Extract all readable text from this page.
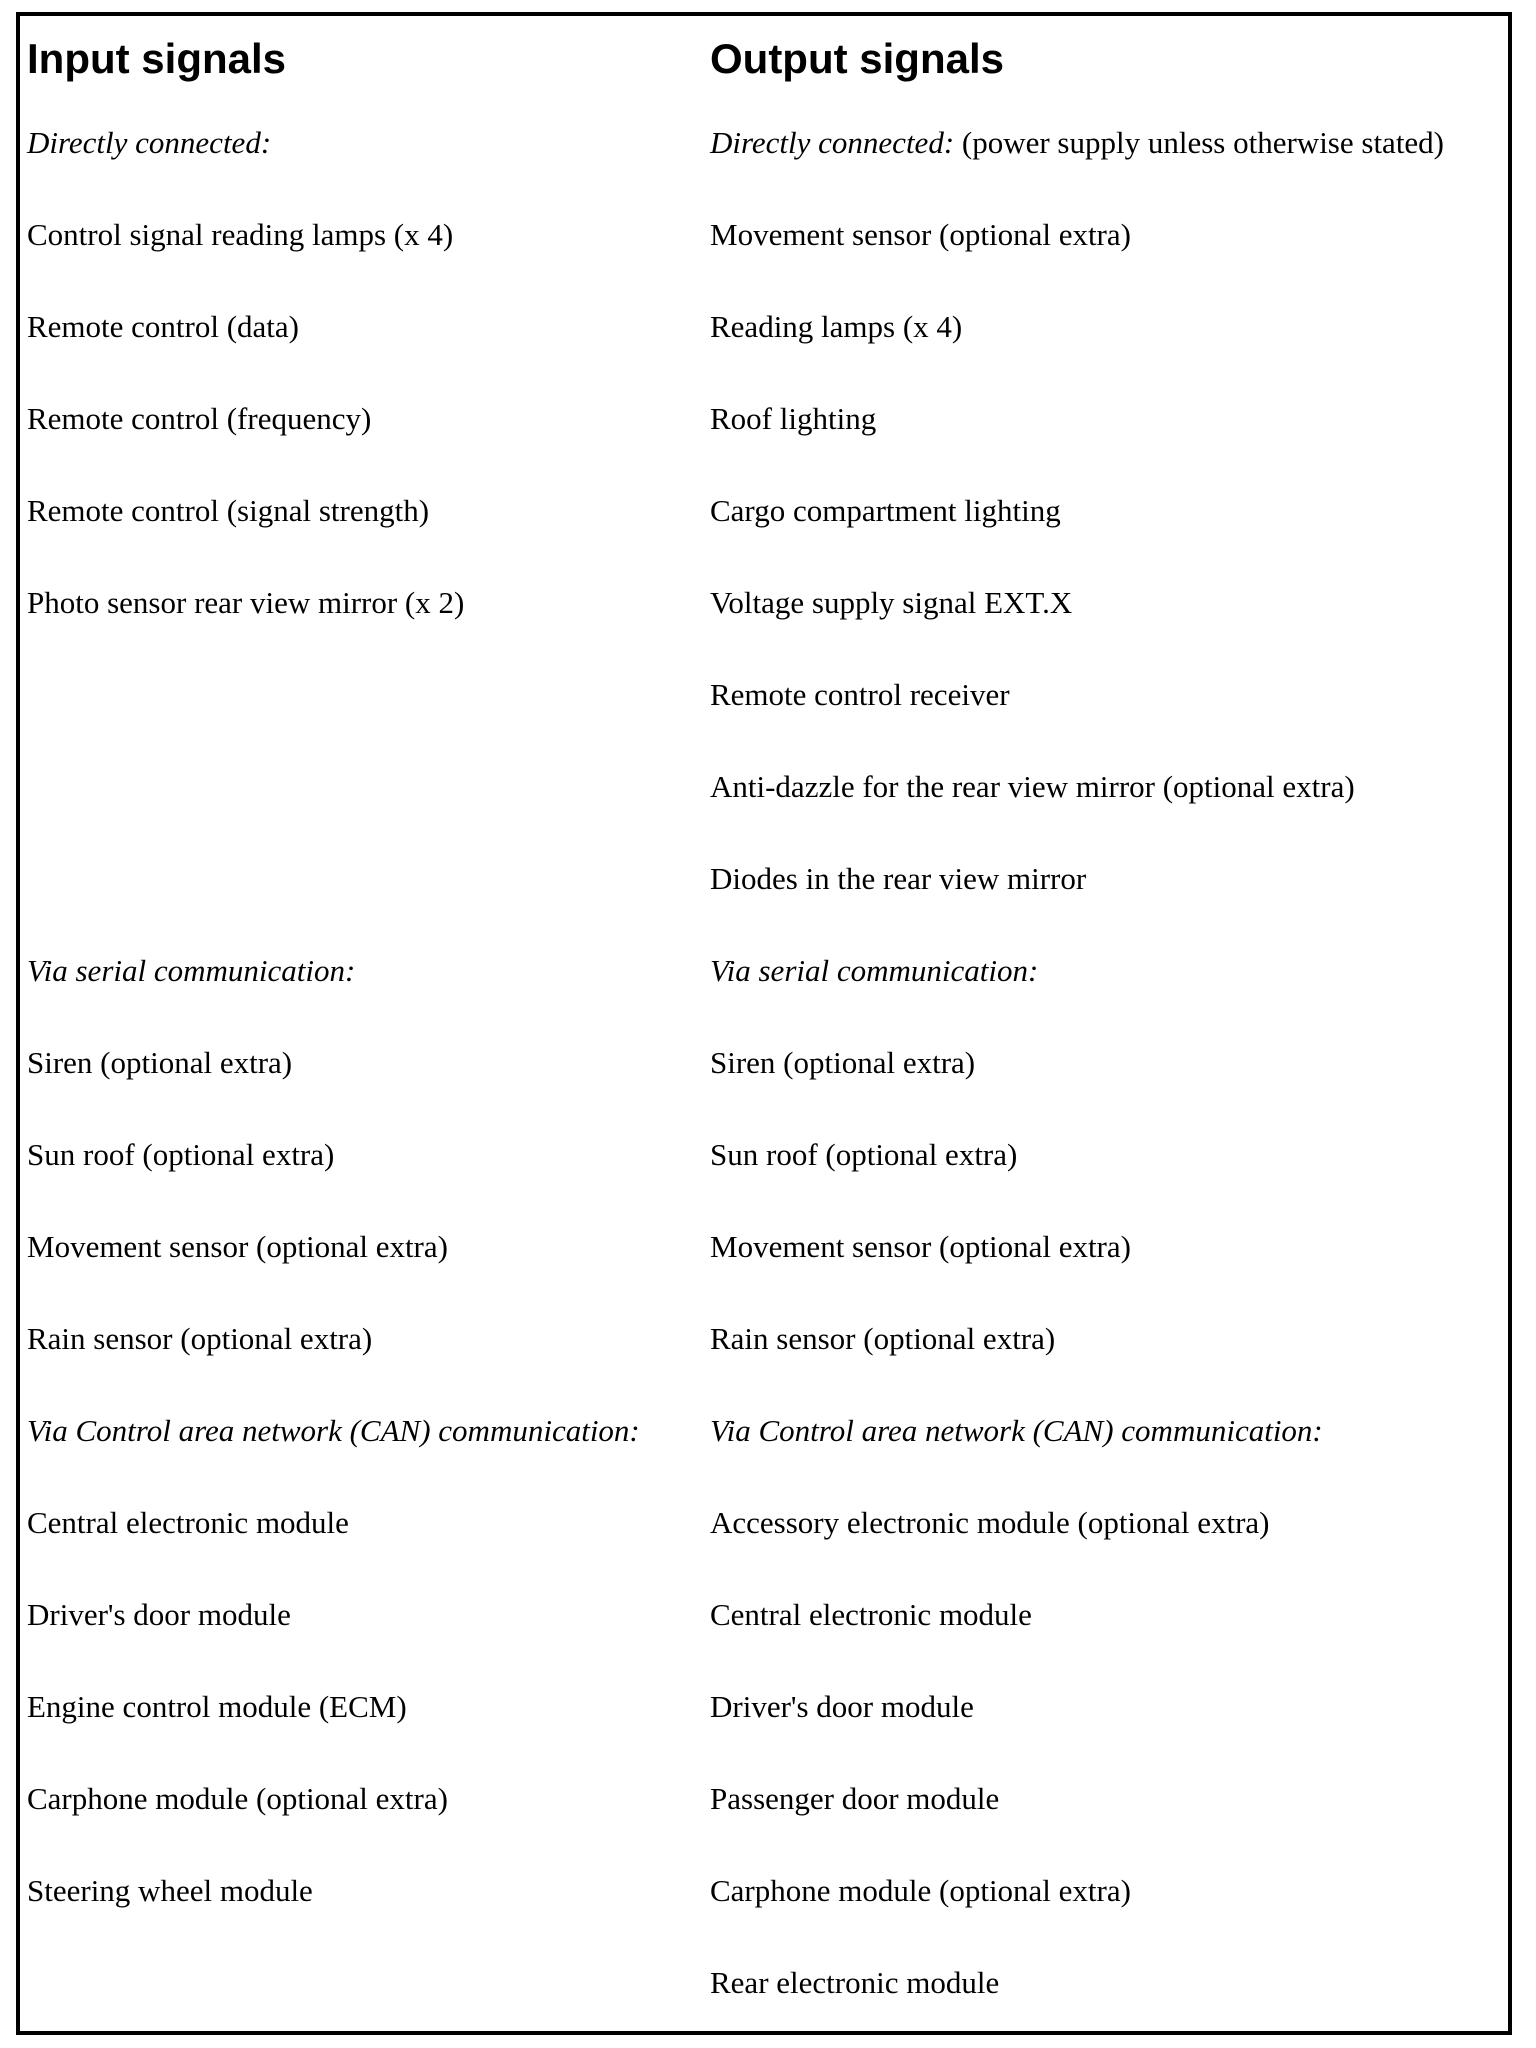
Input signals	Output signals
Directly connected:
Control signal reading lamps (x 4)
Remote control (data)
Remote control (frequency)
Remote control (signal strength)
Photo sensor rear view mirror (x 2)
Via serial communication:
Siren (optional extra)
Sun roof (optional extra)
Movement sensor (optional extra)
Rain sensor (optional extra)
Via Control area network (CAN) communication:
Central electronic module
Driver's door module
Engine control module (ECM)
Carphone module (optional extra)
Steering wheel module
Directly connected: (power supply unless otherwise stated)
Movement sensor (optional extra)
Reading lamps (x 4)
Roof lighting
Cargo compartment lighting
Voltage supply signal EXT.X
Remote control receiver
Anti-dazzle for the rear view mirror (optional extra)
Diodes in the rear view mirror
Via serial communication:
Siren (optional extra)
Sun roof (optional extra)
Movement sensor (optional extra)
Rain sensor (optional extra)
Via Control area network (CAN) communication:
Accessory electronic module (optional extra)
Central electronic module
Driver's door module
Passenger door module
Carphone module (optional extra)
Rear electronic module
